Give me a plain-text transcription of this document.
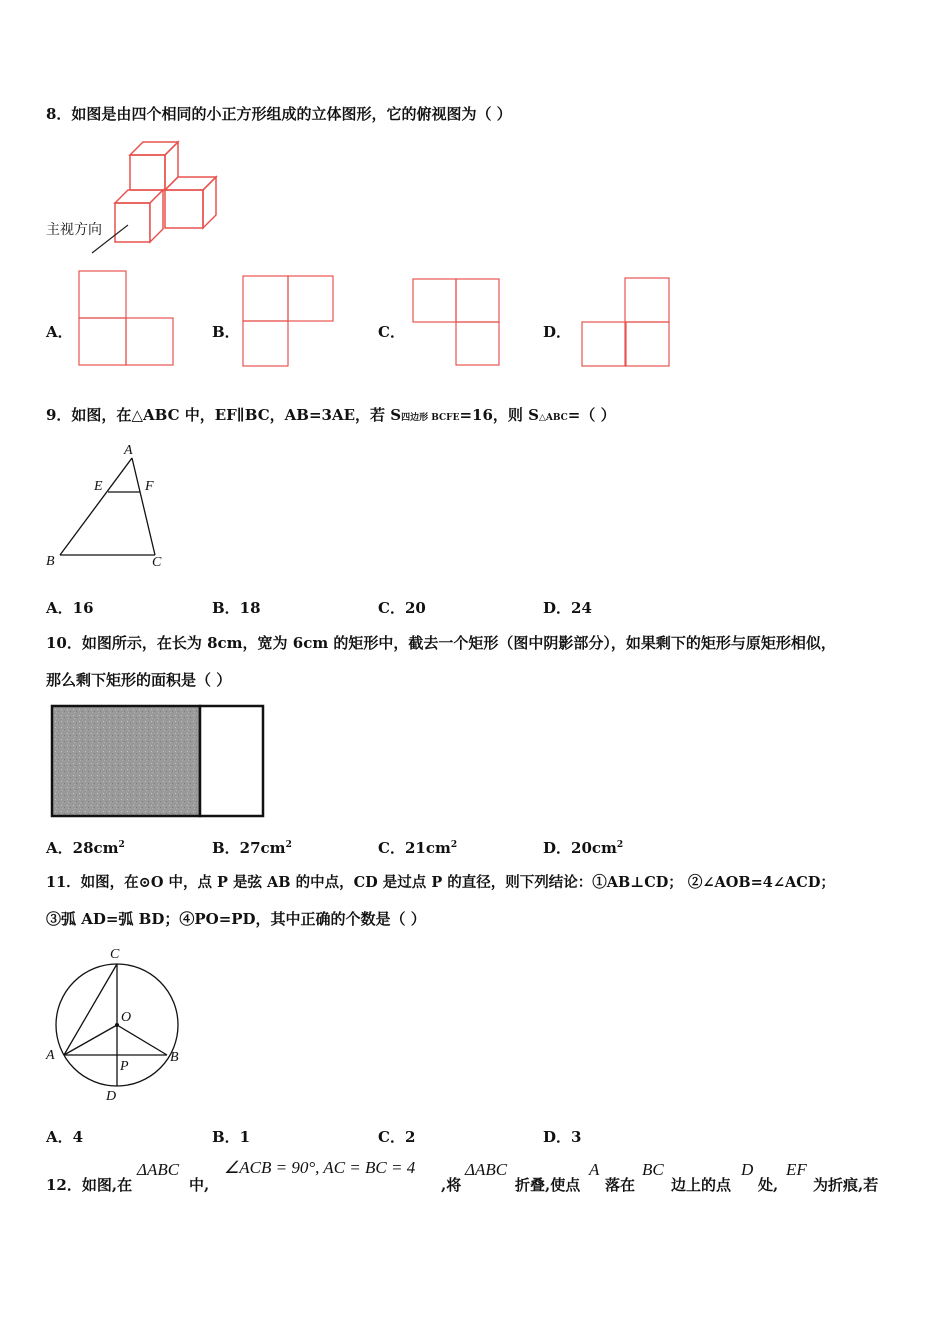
8．如图是由四个相同的小正方形组成的立体图形，它的俯视图为（ ）
主视方向
A．	B．	C．	D．
9．如图，在△ABC 中，EF∥BC，AB=3AE，若 S四边形 BCFE=16，则 S△ABC=（ ）
A
E	F
B	C
A．16	B．18	C．20	D．24
10．如图所示，在长为 8cm，宽为 6cm 的矩形中，截去一个矩形（图中阴影部分），如果剩下的矩形与原矩形相似，
那么剩下矩形的面积是（ ）
A．$28cm^2$	B．$27cm^2$	C．$21cm^2$	D．$20cm^2$
11．如图，在⊙O 中，点 P 是弦 AB 的中点，CD 是过点 P 的直径，则下列结论：①AB⊥CD； ②∠AOB=4∠ACD；
③弧 AD=弧 BD；④PO=PD，其中正确的个数是（ ）
C
O
A	B
P
D
A．4	B．1	C．2	D．3
12．如图,在
ΔABC
中,
∠ACB = 90°, AC = BC = 4
,将
ΔABC
折叠,使点
A
落在
BC
边上的点
D
处,
EF
为折痕,若
